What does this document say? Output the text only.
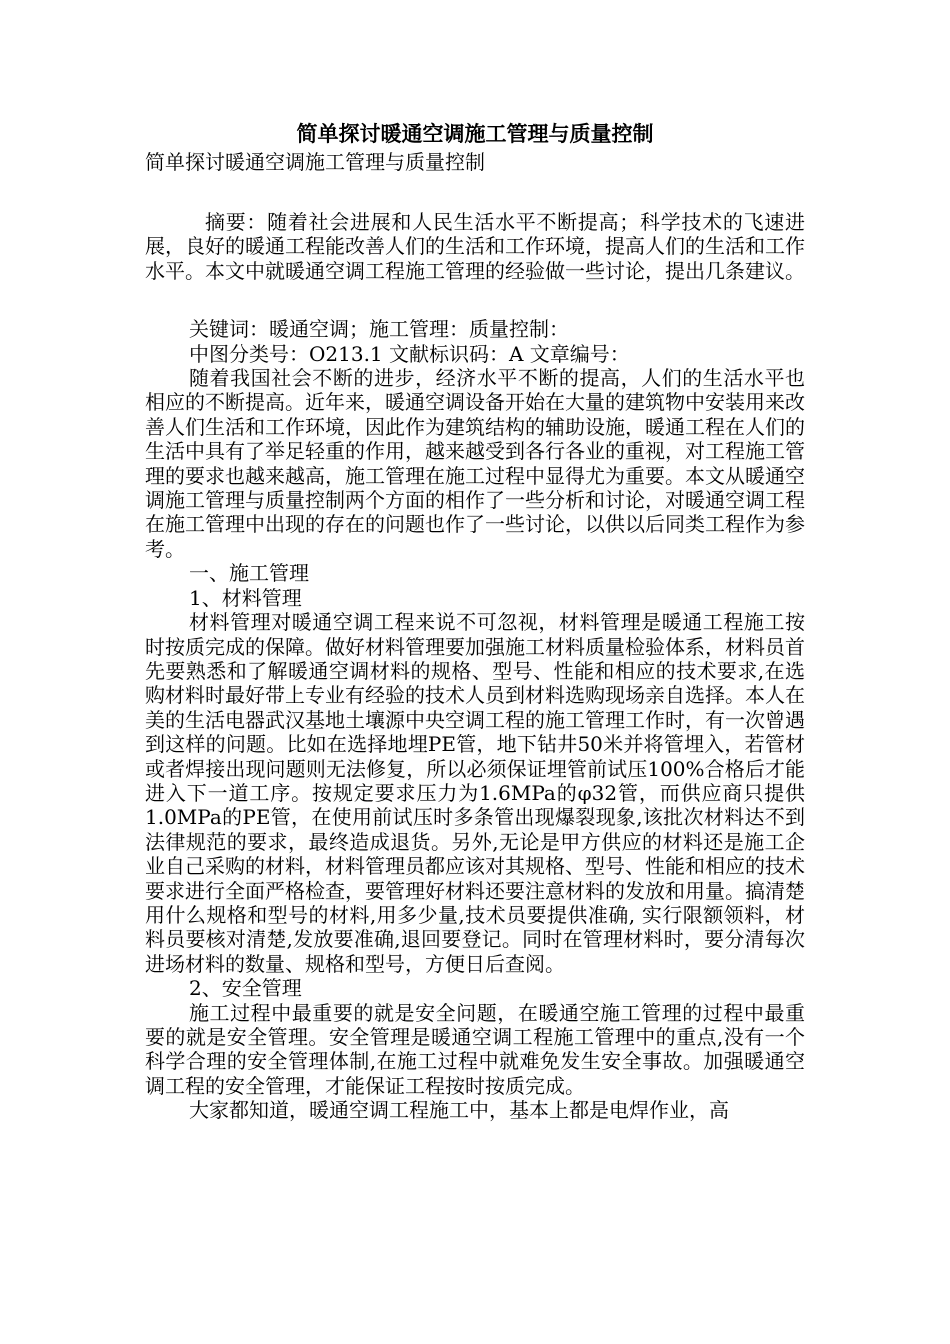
简单探讨暖通空调施工管理与质量控制

简单探讨暖通空调施工管理与质量控制

摘要：随着社会进展和人民生活水平不断提高；科学技术的飞速进展，良好的暖通工程能改善人们的生活和工作环境，提高人们的生活和工作水平。本文中就暖通空调工程施工管理的经验做一些讨论，提出几条建议。

关键词：暖通空调；施工管理：质量控制：

中图分类号：O213.1 文献标识码：A 文章编号：

随着我国社会不断的进步，经济水平不断的提高，人们的生活水平也相应的不断提高。近年来，暖通空调设备开始在大量的建筑物中安装用来改善人们生活和工作环境，因此作为建筑结构的辅助设施，暖通工程在人们的生活中具有了举足轻重的作用，越来越受到各行各业的重视，对工程施工管理的要求也越来越高，施工管理在施工过程中显得尤为重要。本文从暖通空调施工管理与质量控制两个方面的相作了一些分析和讨论，对暖通空调工程在施工管理中出现的存在的问题也作了一些讨论，以供以后同类工程作为参考。

一、施工管理

1、材料管理

材料管理对暖通空调工程来说不可忽视，材料管理是暖通工程施工按时按质完成的保障。做好材料管理要加强施工材料质量检验体系，材料员首先要熟悉和了解暖通空调材料的规格、型号、性能和相应的技术要求,在选购材料时最好带上专业有经验的技术人员到材料选购现场亲自选择。本人在美的生活电器武汉基地土壤源中央空调工程的施工管理工作时，有一次曾遇到这样的问题。比如在选择地埋PE管，地下钻井50米并将管埋入，若管材或者焊接出现问题则无法修复，所以必须保证埋管前试压100%合格后才能进入下一道工序。按规定要求压力为1.6MPa的φ32管，而供应商只提供1.0MPa的PE管，在使用前试压时多条管出现爆裂现象,该批次材料达不到法律规范的要求，最终造成退货。另外,无论是甲方供应的材料还是施工企业自己采购的材料，材料管理员都应该对其规格、型号、性能和相应的技术要求进行全面严格检查，要管理好材料还要注意材料的发放和用量。搞清楚用什么规格和型号的材料,用多少量,技术员要提供准确, 实行限额领料，材料员要核对清楚,发放要准确,退回要登记。同时在管理材料时，要分清每次进场材料的数量、规格和型号，方便日后查阅。

2、安全管理

施工过程中最重要的就是安全问题，在暖通空施工管理的过程中最重要的就是安全管理。安全管理是暖通空调工程施工管理中的重点,没有一个科学合理的安全管理体制,在施工过程中就难免发生安全事故。加强暖通空调工程的安全管理，才能保证工程按时按质完成。

大家都知道，暖通空调工程施工中，基本上都是电焊作业，高
